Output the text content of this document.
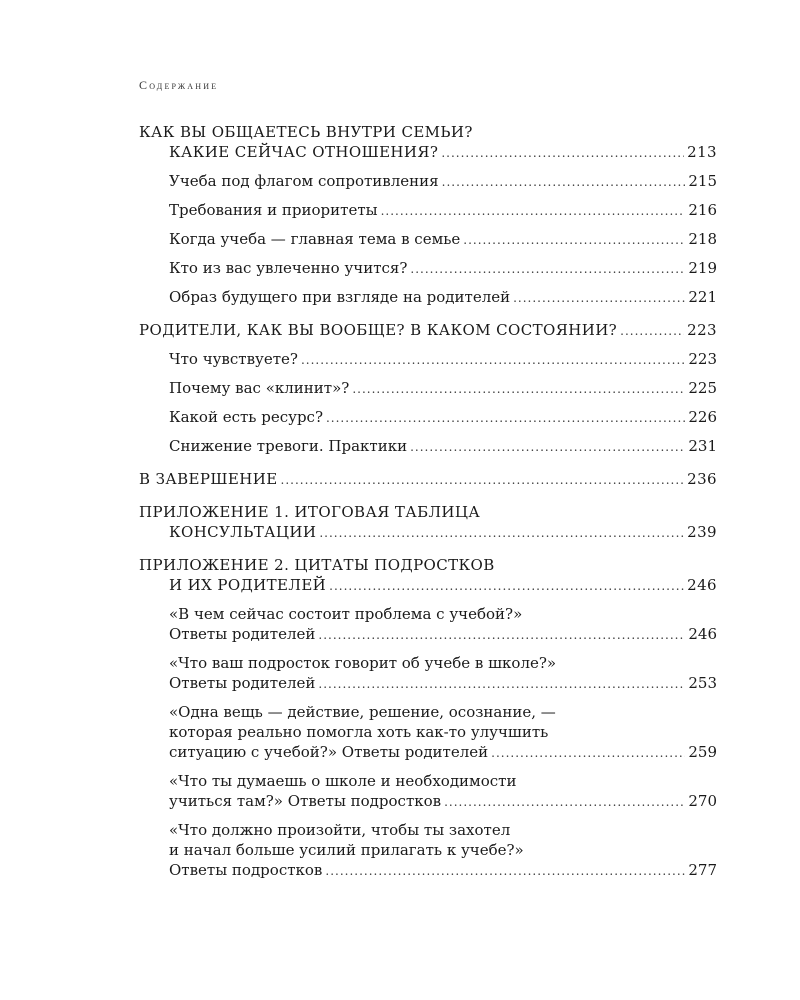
Содержание
КАК ВЫ ОБЩАЕТЕСЬ ВНУТРИ СЕМЬИ?
КАКИЕ СЕЙЧАС ОТНОШЕНИЯ? .....	213
Учеба под флагом сопротивления .....	215
Требования и приоритеты .....	216
Когда учеба — главная тема в семье .....	218
Кто из вас увлеченно учится? .....	219
Образ будущего при взгляде на родителей .....	221
РОДИТЕЛИ, КАК ВЫ ВООБЩЕ? В КАКОМ СОСТОЯНИИ? .....	223
Что чувствуете? .....	223
Почему вас «клинит»? .....	225
Какой есть ресурс? .....	226
Снижение тревоги. Практики .....	231
В ЗАВЕРШЕНИЕ .....	236
ПРИЛОЖЕНИЕ 1. ИТОГОВАЯ ТАБЛИЦА
КОНСУЛЬТАЦИИ .....	239
ПРИЛОЖЕНИЕ 2. ЦИТАТЫ ПОДРОСТКОВ
И ИХ РОДИТЕЛЕЙ .....	246
«В чем сейчас состоит проблема с учебой?»
Ответы родителей .....	246
«Что ваш подросток говорит об учебе в школе?»
Ответы родителей .....	253
«Одна вещь — действие, решение, осознание, —
которая реально помогла хоть как-то улучшить
ситуацию с учебой?» Ответы родителей .....	259
«Что ты думаешь о школе и необходимости
учиться там?» Ответы подростков .....	270
«Что должно произойти, чтобы ты захотел
и начал больше усилий прилагать к учебе?»
Ответы подростков .....	277
